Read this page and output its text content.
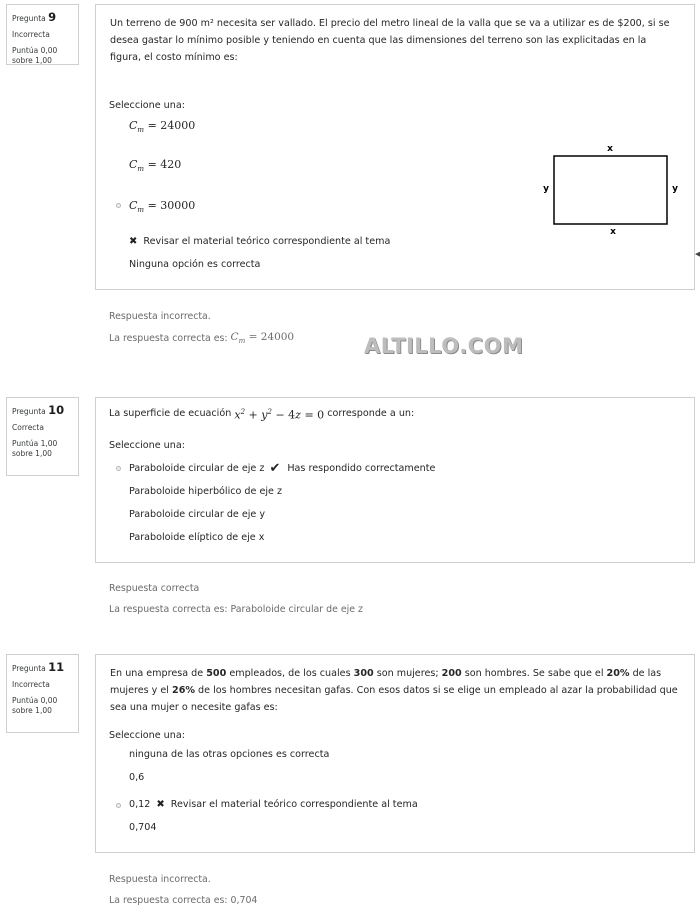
Pregunta 9
Incorrecta
Puntúa 0,00
sobre 1,00
Un terreno de 900 m² necesita ser vallado. El precio del metro lineal de la valla que se va a utilizar es de $200, si se desea gastar lo mínimo posible y teniendo en cuenta que las dimensiones del terreno son las explicitadas en la figura, el costo mínimo es:
Seleccione una:
$C_m = 24000$
$C_m = 420$
$C_m = 30000$
✖ Revisar el material teórico correspondiente al tema
Ninguna opción es correcta
x
x
y	y
◀
Respuesta incorrecta.
La respuesta correcta es:
$C_m = 24000$	ALTILLO.COM
Pregunta 10
Correcta
Puntúa 1,00
sobre 1,00
La superficie de ecuación
$x^2 + y^2 - 4z = 0$
corresponde a un:
Seleccione una:
Paraboloide circular de eje z ✔ Has respondido correctamente
Paraboloide hiperbólico de eje z
Paraboloide circular de eje y
Paraboloide elíptico de eje x
Respuesta correcta
La respuesta correcta es: Paraboloide circular de eje z
Pregunta 11
Incorrecta
Puntúa 0,00
sobre 1,00
En una empresa de 500 empleados, de los cuales 300 son mujeres; 200 son hombres. Se sabe que el 20% de las mujeres y el 26% de los hombres necesitan gafas. Con esos datos si se elige un empleado al azar la probabilidad que sea una mujer o necesite gafas es:
Seleccione una:
ninguna de las otras opciones es correcta
0,6
0,12 ✖ Revisar el material teórico correspondiente al tema
0,704
Respuesta incorrecta.
La respuesta correcta es: 0,704
